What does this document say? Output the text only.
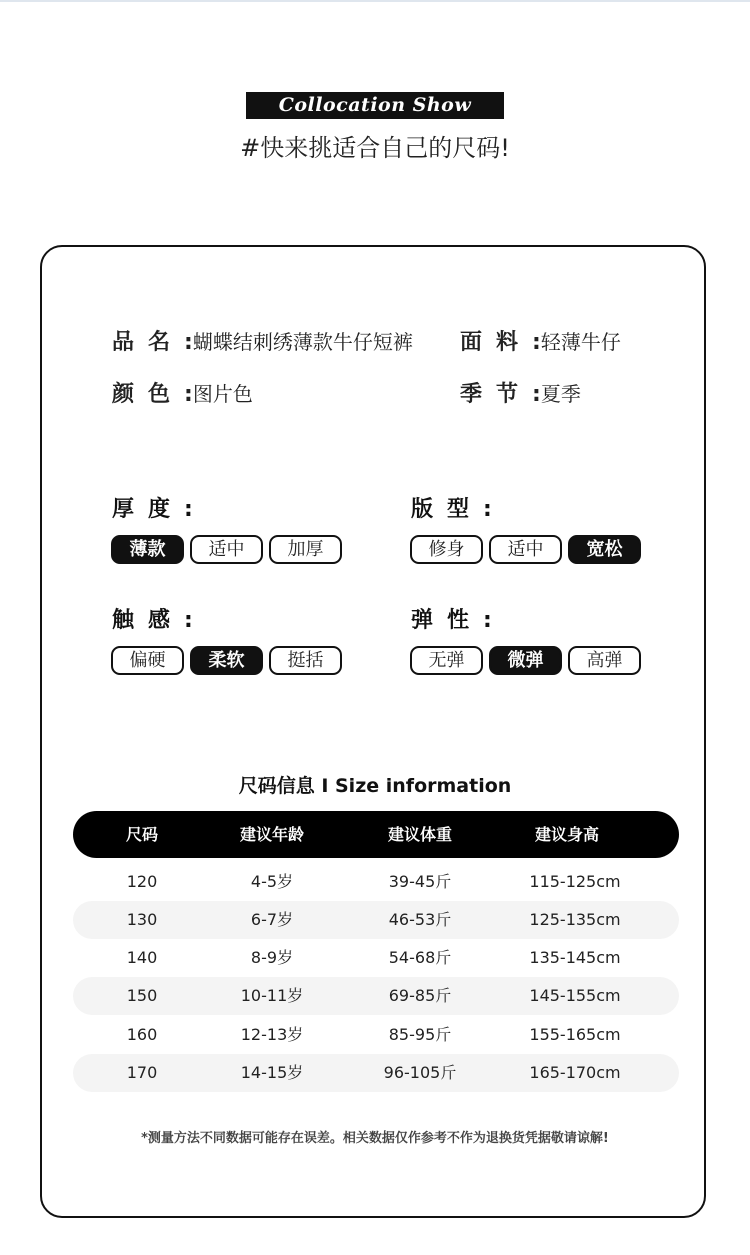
Collocation Show
#快来挑适合自己的尺码!
品名:蝴蝶结刺绣薄款牛仔短裤 面料:轻薄牛仔
颜色:图片色	季节:夏季
厚度:
薄款	适中	加厚
版型:
修身	适中	宽松
触感:
偏硬	柔软	挺括
弹性:
无弹	微弹	高弹
尺码信息 I Size information
尺码	建议年龄	建议体重	建议身高
120	4-5岁	39-45斤	115-125cm
130	6-7岁	46-53斤	125-135cm
140	8-9岁	54-68斤	135-145cm
150	10-11岁	69-85斤	145-155cm
160	12-13岁	85-95斤	155-165cm
170	14-15岁	96-105斤	165-170cm
*测量方法不同数据可能存在误差。相关数据仅作参考不作为退换货凭据敬请谅解!
